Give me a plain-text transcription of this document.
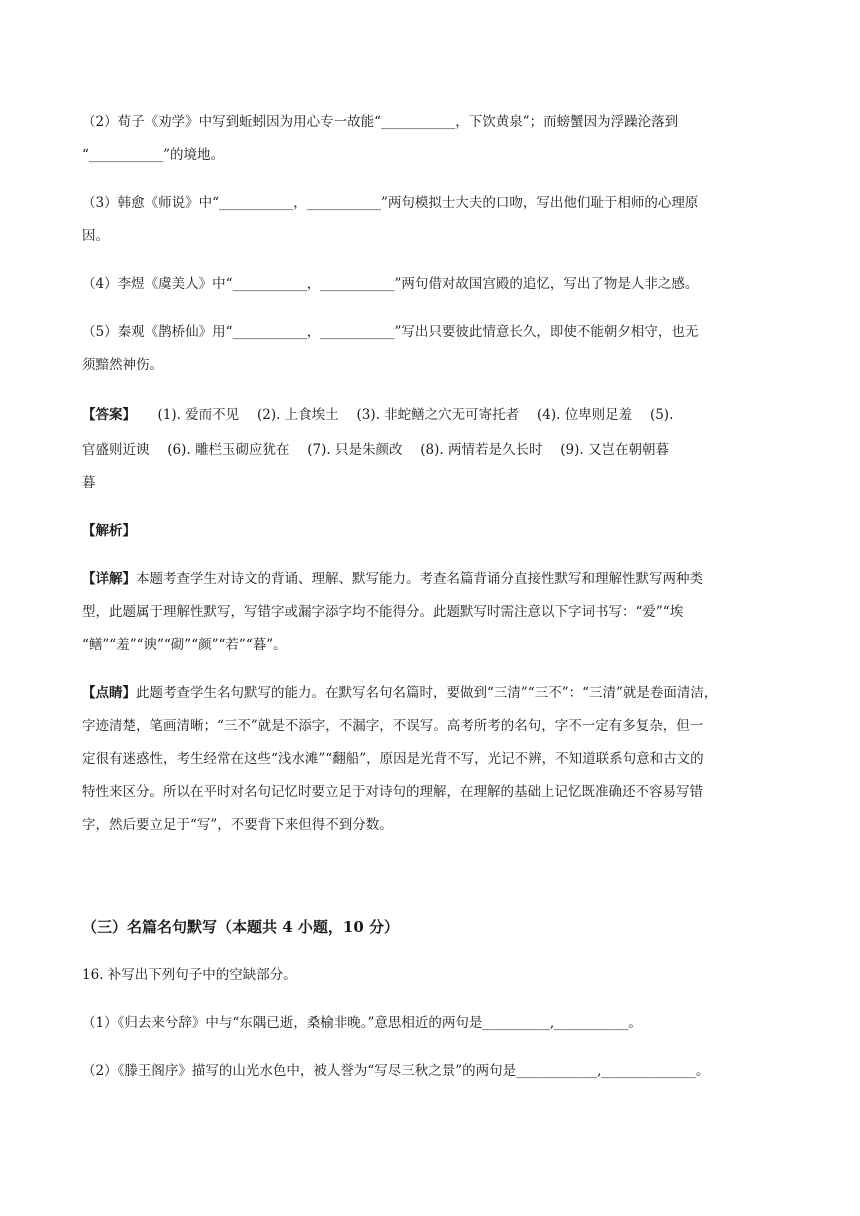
（2）荀子《劝学》中写到蚯蚓因为用心专一故能“___________，下饮黄泉”；而螃蟹因为浮躁沦落到
“___________”的境地。
（3）韩愈《师说》中“___________，___________”两句模拟士大夫的口吻，写出他们耻于相师的心理原
因。
（4）李煜《虞美人》中“___________，___________”两句借对故国宫殿的追忆，写出了物是人非之感。
（5）秦观《鹊桥仙》用“___________，___________”写出只要彼此情意长久，即使不能朝夕相守，也无
须黯然神伤。
【答案】 (1). 爱而不见　 (2). 上食埃土　 (3). 非蛇鳝之穴无可寄托者　 (4). 位卑则足羞　 (5).
官盛则近谀　 (6). 雕栏玉砌应犹在　 (7). 只是朱颜改　 (8). 两情若是久长时　 (9). 又岂在朝朝暮
暮
【解析】
【详解】本题考查学生对诗文的背诵、理解、默写能力。考查名篇背诵分直接性默写和理解性默写两种类
型，此题属于理解性默写，写错字或漏字添字均不能得分。此题默写时需注意以下字词书写：“爱”“埃
“鳝”“羞”“谀”“砌”“颜”“若”“暮”。
【点睛】此题考查学生名句默写的能力。在默写名句名篇时，要做到“三清”“三不”：“三清”就是卷面清洁，
字迹清楚，笔画清晰；“三不”就是不添字，不漏字，不误写。高考所考的名句，字不一定有多复杂，但一
定很有迷惑性，考生经常在这些“浅水滩”“翻船”，原因是光背不写，光记不辨，不知道联系句意和古文的
特性来区分。所以在平时对名句记忆时要立足于对诗句的理解，在理解的基础上记忆既准确还不容易写错
字，然后要立足于“写”，不要背下来但得不到分数。
（三）名篇名句默写（本题共 4 小题，10 分）
16. 补写出下列句子中的空缺部分。
（1）《归去来兮辞》中与“东隅已逝，桑榆非晚。”意思相近的两句是__________,___________。
（2）《滕王阁序》描写的山光水色中，被人誉为“写尽三秋之景”的两句是____________,______________。
